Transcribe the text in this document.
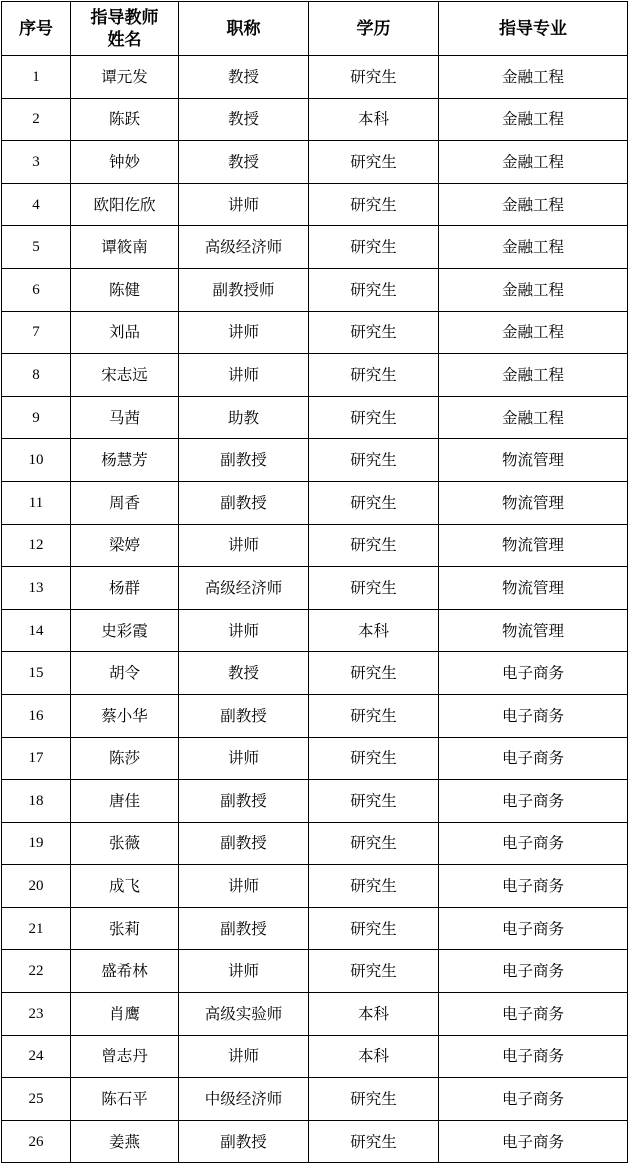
序号	指导教师姓名	职称	学历	指导专业
1	谭元发	教授	研究生	金融工程
2	陈跃	教授	本科	金融工程
3	钟妙	教授	研究生	金融工程
4	欧阳仡欣	讲师	研究生	金融工程
5	谭筱南	高级经济师	研究生	金融工程
6	陈健	副教授师	研究生	金融工程
7	刘品	讲师	研究生	金融工程
8	宋志远	讲师	研究生	金融工程
9	马茜	助教	研究生	金融工程
10	杨慧芳	副教授	研究生	物流管理
11	周香	副教授	研究生	物流管理
12	梁婷	讲师	研究生	物流管理
13	杨群	高级经济师	研究生	物流管理
14	史彩霞	讲师	本科	物流管理
15	胡令	教授	研究生	电子商务
16	蔡小华	副教授	研究生	电子商务
17	陈莎	讲师	研究生	电子商务
18	唐佳	副教授	研究生	电子商务
19	张薇	副教授	研究生	电子商务
20	成飞	讲师	研究生	电子商务
21	张莉	副教授	研究生	电子商务
22	盛希林	讲师	研究生	电子商务
23	肖鹰	高级实验师	本科	电子商务
24	曾志丹	讲师	本科	电子商务
25	陈石平	中级经济师	研究生	电子商务
26	姜燕	副教授	研究生	电子商务
